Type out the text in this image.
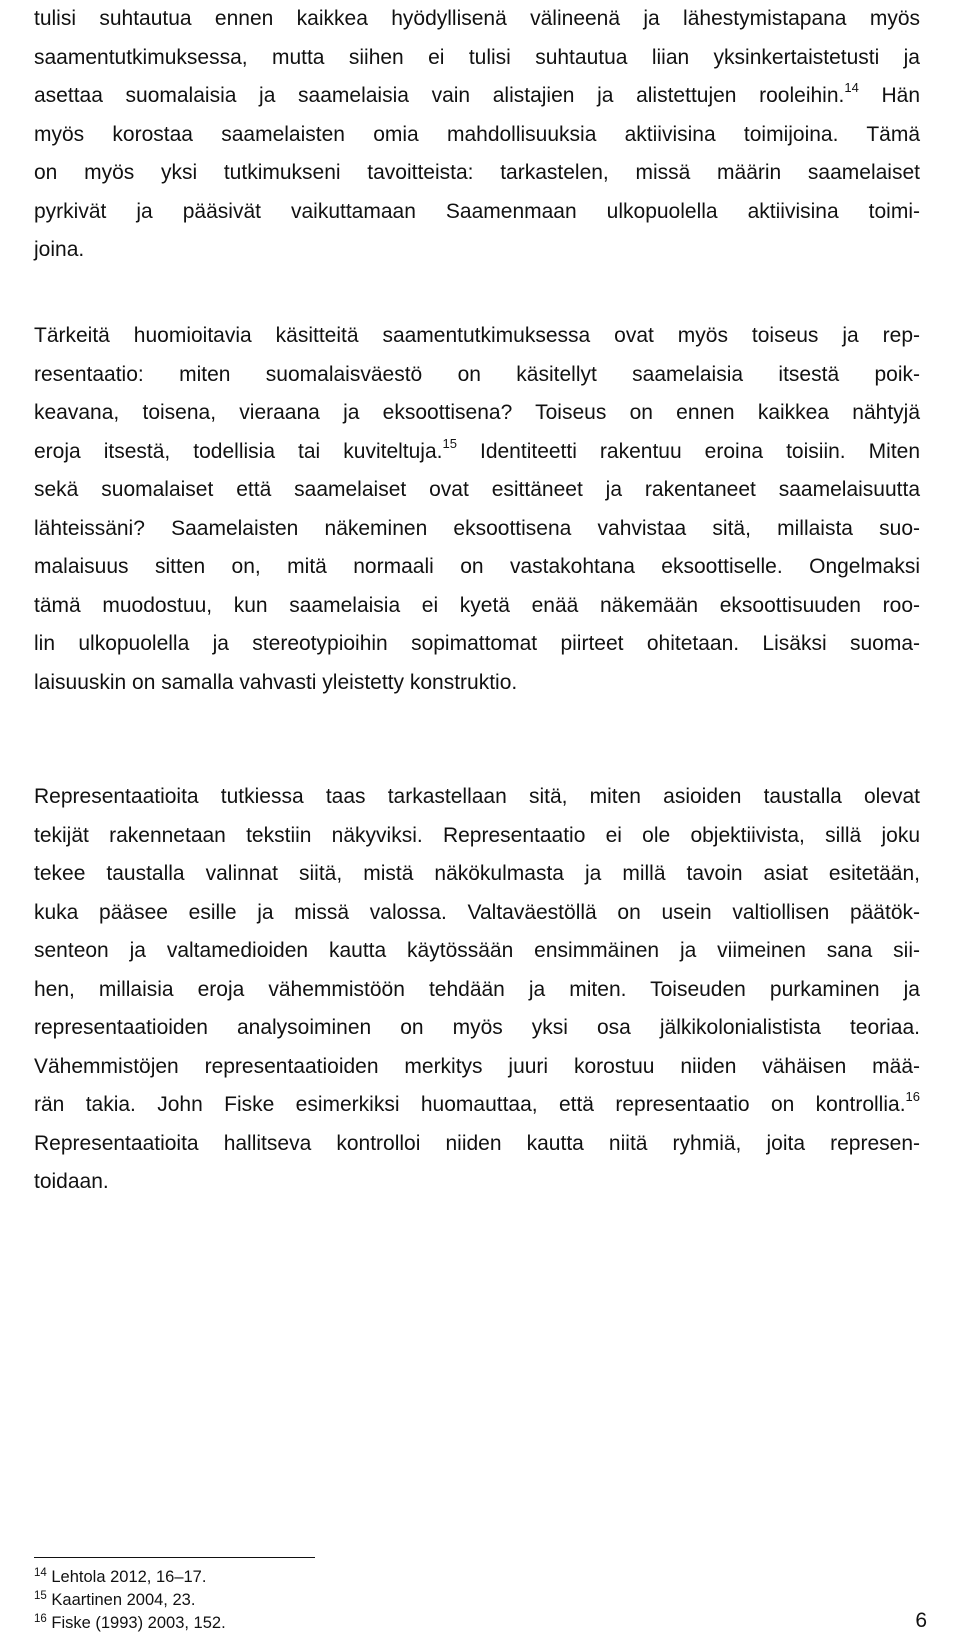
tulisi suhtautua ennen kaikkea hyödyllisenä välineenä ja lähestymistapana myös
saamentutkimuksessa, mutta siihen ei tulisi suhtautua liian yksinkertaistetusti ja
asettaa suomalaisia ja saamelaisia vain alistajien ja alistettujen rooleihin.$^{14}$ Hän
myös korostaa saamelaisten omia mahdollisuuksia aktiivisina toimijoina. Tämä
on myös yksi tutkimukseni tavoitteista: tarkastelen, missä määrin saamelaiset
pyrkivät ja pääsivät vaikuttamaan Saamenmaan ulkopuolella aktiivisina toimi-
joina.
Tärkeitä huomioitavia käsitteitä saamentutkimuksessa ovat myös toiseus ja rep-
resentaatio: miten suomalaisväestö on käsitellyt saamelaisia itsestä poik-
keavana, toisena, vieraana ja eksoottisena? Toiseus on ennen kaikkea nähtyjä
eroja itsestä, todellisia tai kuviteltuja.$^{15}$ Identiteetti rakentuu eroina toisiin. Miten
sekä suomalaiset että saamelaiset ovat esittäneet ja rakentaneet saamelaisuutta
lähteissäni? Saamelaisten näkeminen eksoottisena vahvistaa sitä, millaista suo-
malaisuus sitten on, mitä normaali on vastakohtana eksoottiselle. Ongelmaksi
tämä muodostuu, kun saamelaisia ei kyetä enää näkemään eksoottisuuden roo-
lin ulkopuolella ja stereotypioihin sopimattomat piirteet ohitetaan. Lisäksi suoma-
laisuuskin on samalla vahvasti yleistetty konstruktio.
Representaatioita tutkiessa taas tarkastellaan sitä, miten asioiden taustalla olevat
tekijät rakennetaan tekstiin näkyviksi. Representaatio ei ole objektiivista, sillä joku
tekee taustalla valinnat siitä, mistä näkökulmasta ja millä tavoin asiat esitetään,
kuka pääsee esille ja missä valossa. Valtaväestöllä on usein valtiollisen päätök-
senteon ja valtamedioiden kautta käytössään ensimmäinen ja viimeinen sana sii-
hen, millaisia eroja vähemmistöön tehdään ja miten. Toiseuden purkaminen ja
representaatioiden analysoiminen on myös yksi osa jälkikolonialistista teoriaa.
Vähemmistöjen representaatioiden merkitys juuri korostuu niiden vähäisen mää-
rän takia. John Fiske esimerkiksi huomauttaa, että representaatio on kontrollia.$^{16}$
Representaatioita hallitseva kontrolloi niiden kautta niitä ryhmiä, joita represen-
toidaan.
$^{14}$ Lehtola 2012, 16–17.
$^{15}$ Kaartinen 2004, 23.
$^{16}$ Fiske (1993) 2003, 152.	6
